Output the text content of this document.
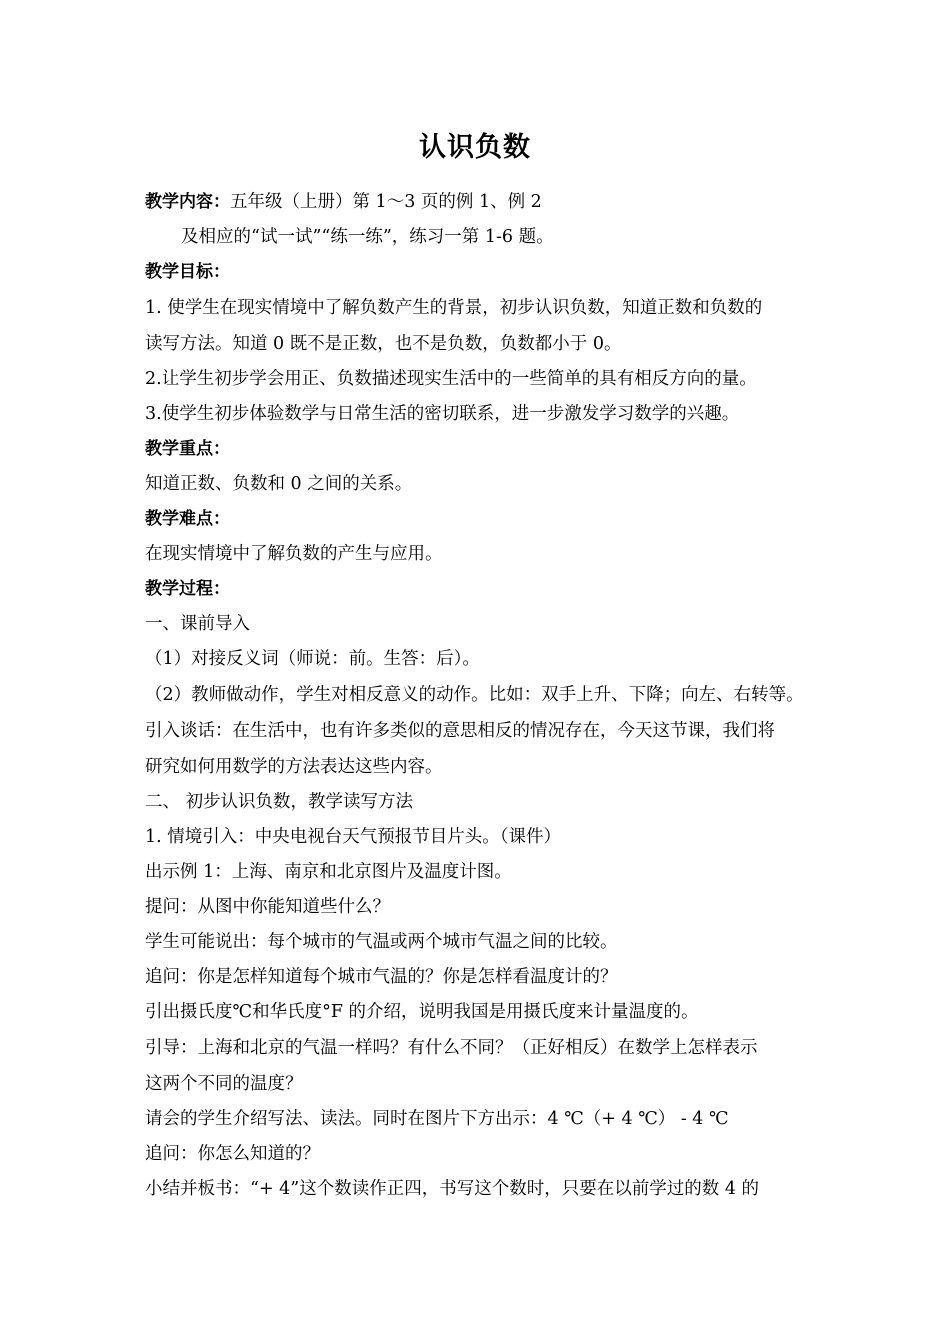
认识负数
教学内容：五年级（上册）第 1～3 页的例 1、例 2
及相应的“试一试”“练一练”，练习一第 1-6 题。
教学目标：
1. 使学生在现实情境中了解负数产生的背景，初步认识负数，知道正数和负数的
读写方法。知道 0 既不是正数，也不是负数，负数都小于 0。
2.让学生初步学会用正、负数描述现实生活中的一些简单的具有相反方向的量。
3.使学生初步体验数学与日常生活的密切联系，进一步激发学习数学的兴趣。
教学重点：
知道正数、负数和 0 之间的关系。
教学难点：
在现实情境中了解负数的产生与应用。
教学过程：
一、课前导入
（1）对接反义词（师说：前。生答：后）。
（2）教师做动作，学生对相反意义的动作。比如：双手上升、下降；向左、右转等。
引入谈话：在生活中，也有许多类似的意思相反的情况存在，今天这节课，我们将
研究如何用数学的方法表达这些内容。
二、 初步认识负数，教学读写方法
1. 情境引入：中央电视台天气预报节目片头。（课件）
出示例 1：上海、南京和北京图片及温度计图。
提问：从图中你能知道些什么？
学生可能说出：每个城市的气温或两个城市气温之间的比较。
追问：你是怎样知道每个城市气温的？你是怎样看温度计的？
引出摄氏度℃和华氏度°F 的介绍，说明我国是用摄氏度来计量温度的。
引导：上海和北京的气温一样吗？有什么不同？（正好相反）在数学上怎样表示
这两个不同的温度？
请会的学生介绍写法、读法。同时在图片下方出示：4 ℃（+ 4 ℃） - 4 ℃
追问：你怎么知道的？
小结并板书：“+ 4”这个数读作正四，书写这个数时，只要在以前学过的数 4 的
